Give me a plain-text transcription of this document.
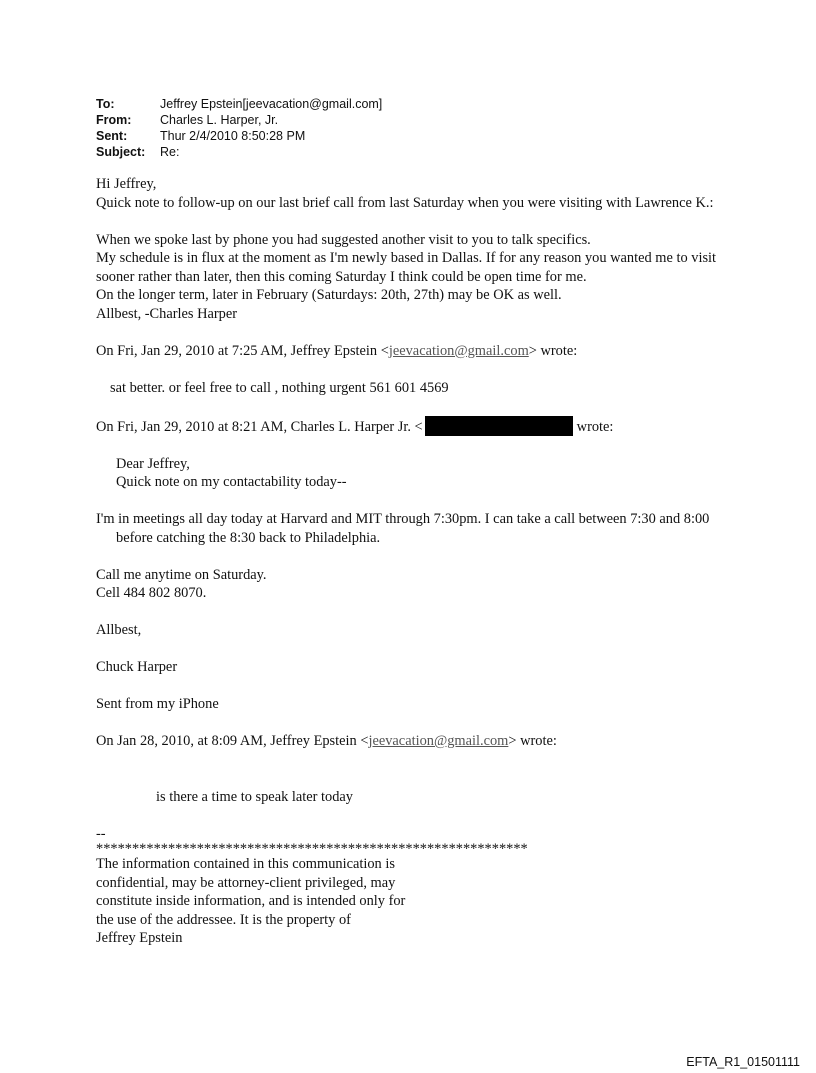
To:	Jeffrey Epstein[jeevacation@gmail.com]
From:	Charles L. Harper, Jr.
Sent:	Thur 2/4/2010 8:50:28 PM
Subject:	Re:

Hi Jeffrey,

Quick note to follow-up on our last brief call from last Saturday when you were visiting with Lawrence K.:

When we spoke last by phone you had suggested another visit to you to talk specifics.

My schedule is in flux at the moment as I'm newly based in Dallas. If for any reason you wanted me to visit sooner rather than later, then this coming Saturday I think could be open time for me.

On the longer term, later in February (Saturdays: 20th, 27th) may be OK as well.

Allbest, -Charles Harper

On Fri, Jan 29, 2010 at 7:25 AM, Jeffrey Epstein <jeevacation@gmail.com> wrote:

sat better. or feel free to call , nothing urgent 561 601 4569

On Fri, Jan 29, 2010 at 8:21 AM, Charles L. Harper Jr. <	wrote:

Dear Jeffrey,

Quick note on my contactability today--

I'm in meetings all day today at Harvard and MIT through 7:30pm. I can take a call between 7:30 and 8:00 before catching the 8:30 back to Philadelphia.

Call me anytime on Saturday.

Cell 484 802 8070.

Allbest,

Chuck Harper

Sent from my iPhone

On Jan 28, 2010, at 8:09 AM, Jeffrey Epstein <jeevacation@gmail.com> wrote:

is there a time to speak later today

--

************************************************************

The information contained in this communication is

confidential, may be attorney-client privileged, may

constitute inside information, and is intended only for

the use of the addressee. It is the property of

Jeffrey Epstein

EFTA_R1_01501111
